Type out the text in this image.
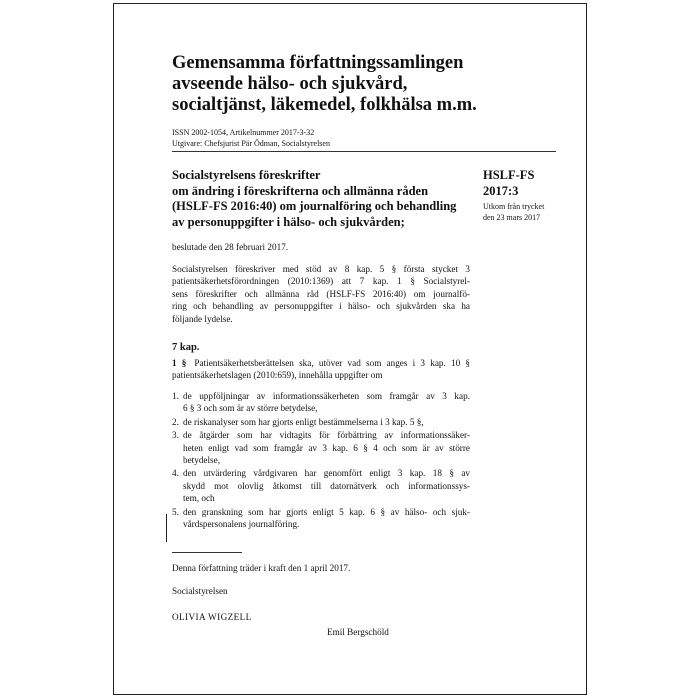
Gemensamma författningssamlingen
avseende hälso- och sjukvård,
socialtjänst, läkemedel, folkhälsa m.m.
ISSN 2002-1054, Artikelnummer 2017-3-32
Utgivare: Chefsjurist Pär Ödman, Socialstyrelsen
Socialstyrelsens föreskrifter
om ändring i föreskrifterna och allmänna råden
(HSLF-FS 2016:40) om journalföring och behandling
av personuppgifter i hälso- och sjukvården;
HSLF-FS
2017:3
Utkom från trycket
den 23 mars 2017
beslutade den 28 februari 2017.
Socialstyrelsen föreskriver med stöd av 8 kap. 5 § första stycket 3
patientsäkerhetsförordningen (2010:1369) att 7 kap. 1 § Socialstyrel-
sens föreskrifter och allmänna råd (HSLF-FS 2016:40) om journalfö-
ring och behandling av personuppgifter i hälso- och sjukvården ska ha
följande lydelse.
7 kap.
1 § Patientsäkerhetsberättelsen ska, utöver vad som anges i 3 kap. 10 §
patientsäkerhetslagen (2010:659), innehålla uppgifter om
1. de uppföljningar av informationssäkerheten som framgår av 3 kap.
6 § 3 och som är av större betydelse,
2. de riskanalyser som har gjorts enligt bestämmelserna i 3 kap. 5 §,
3. de åtgärder som har vidtagits för förbättring av informationssäker-
heten enligt vad som framgår av 3 kap. 6 § 4 och som är av större
betydelse,
4. den utvärdering vårdgivaren har genomfört enligt 3 kap. 18 § av
skydd mot olovlig åtkomst till datornätverk och informationssys-
tem, och
5. den granskning som har gjorts enligt 5 kap. 6 § av hälso- och sjuk-
vårdspersonalens journalföring.
Denna författning träder i kraft den 1 april 2017.
Socialstyrelsen
OLIVIA WIGZELL
Emil Bergschöld
